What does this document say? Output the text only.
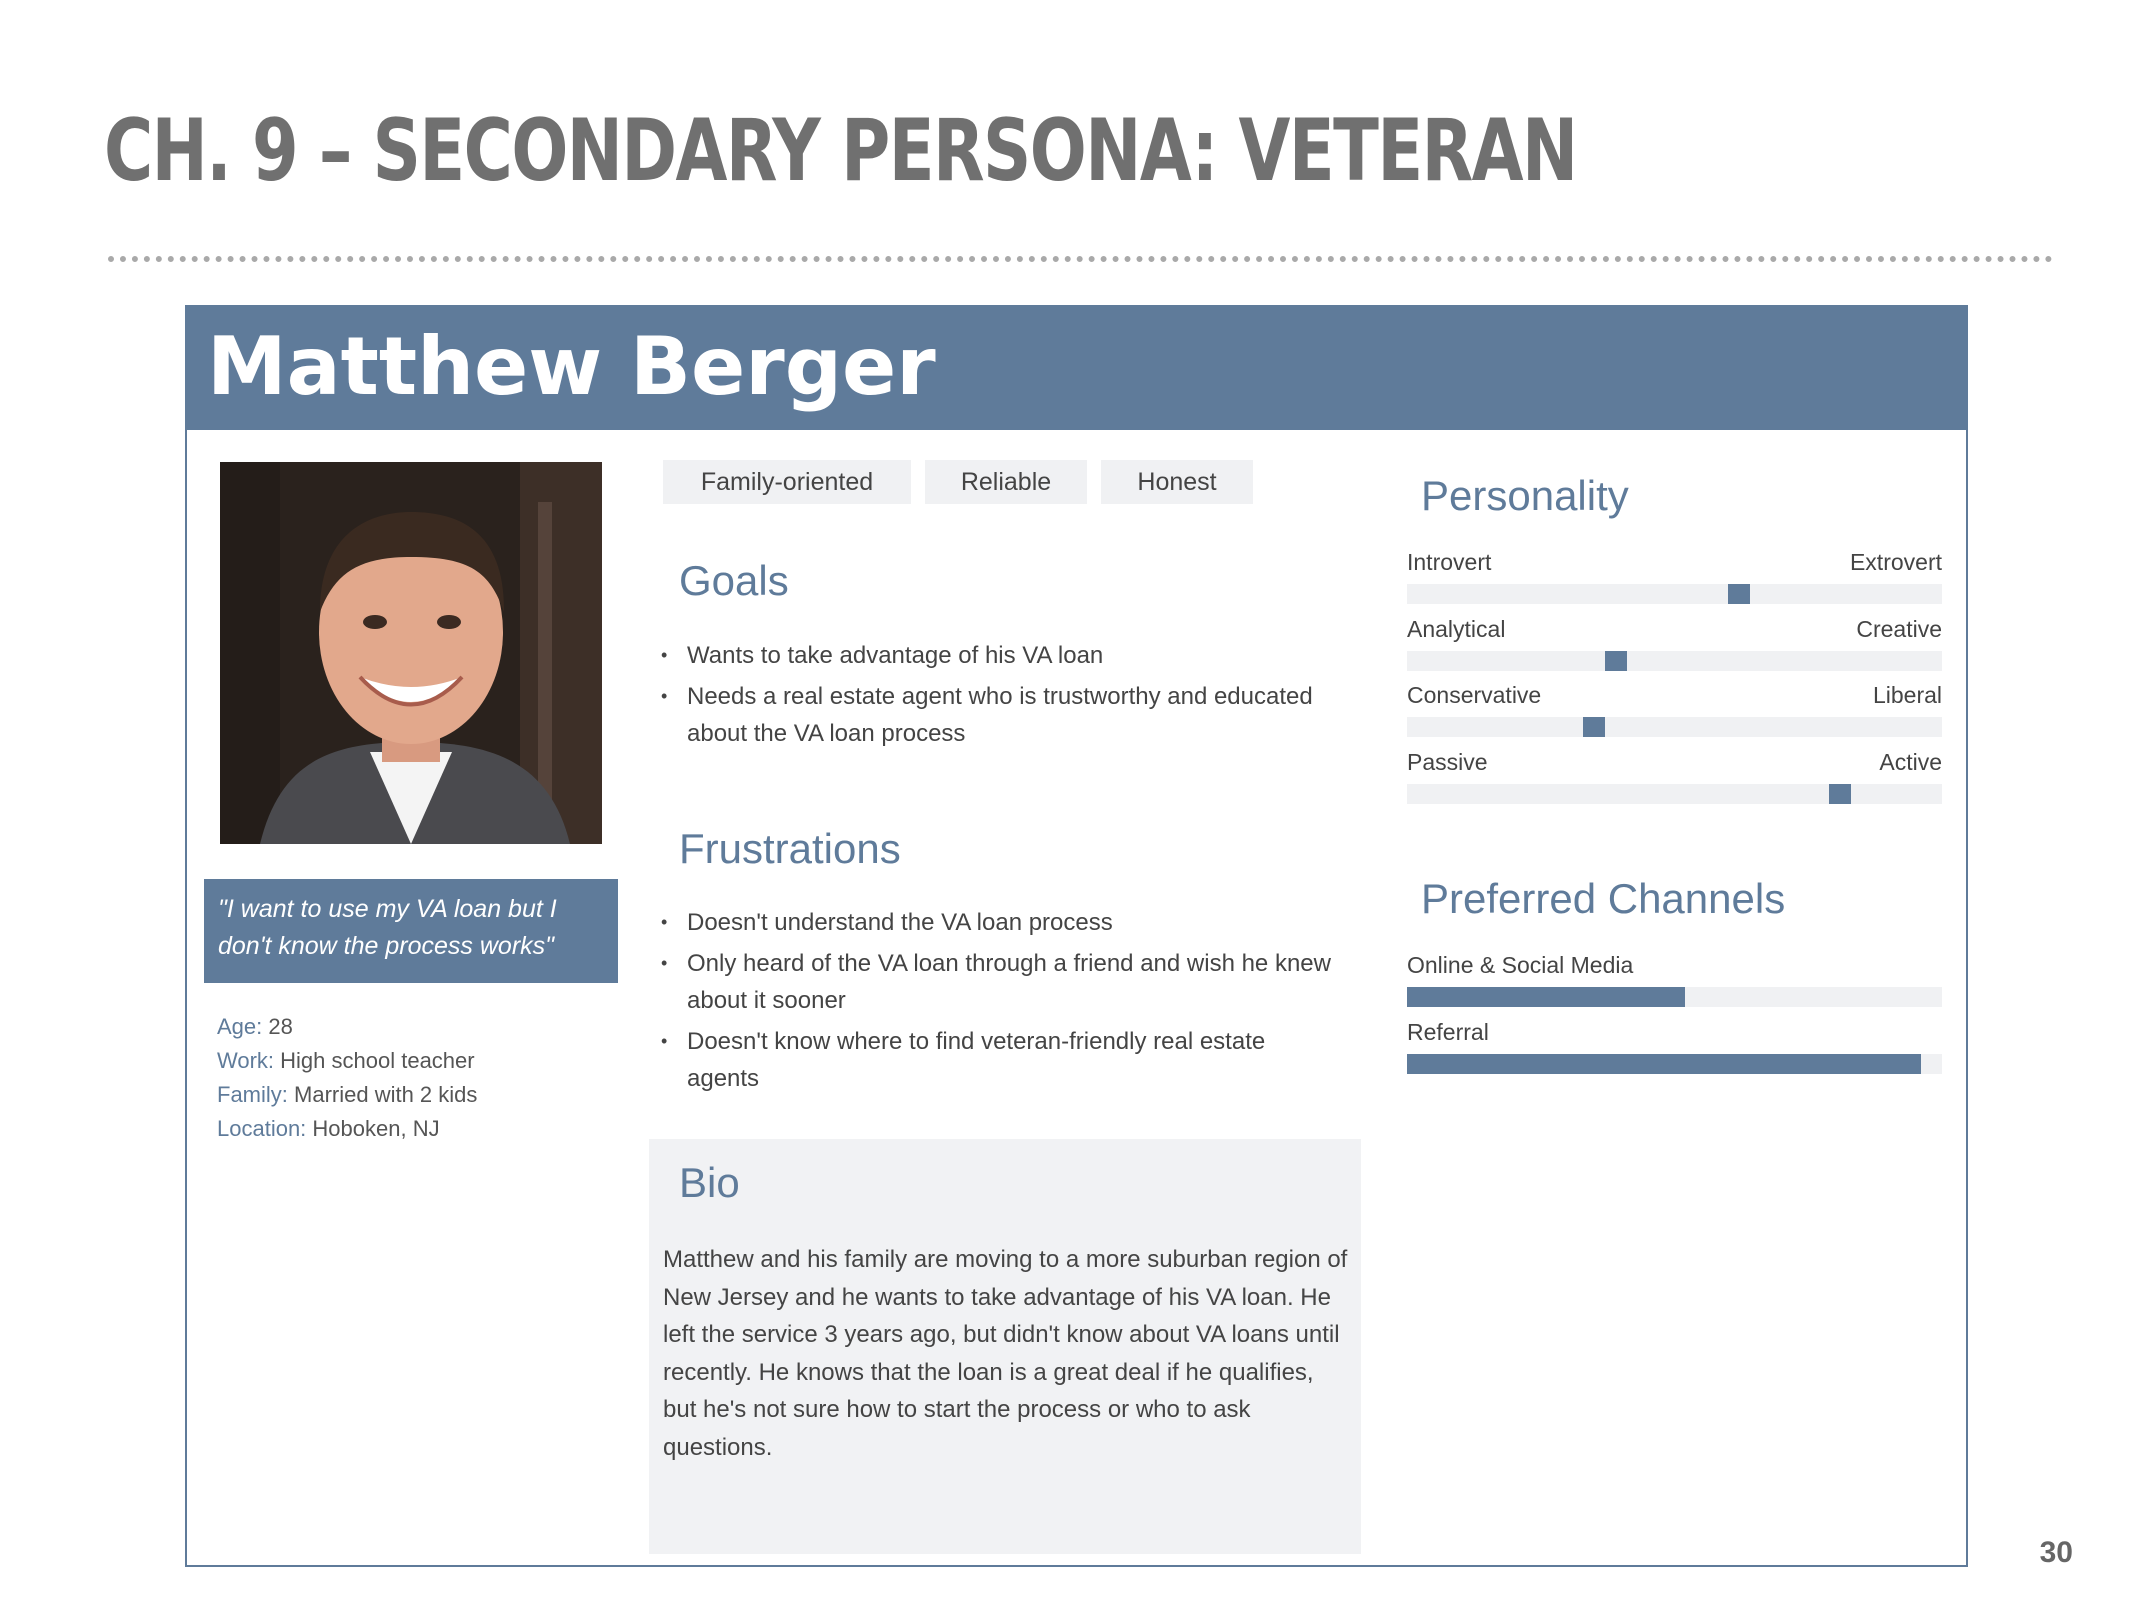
CH. 9 – SECONDARY PERSONA: VETERAN
Matthew Berger
"I want to use my VA loan but I don't know the process works"
Age: 28
Work: High school teacher
Family: Married with 2 kids
Location: Hoboken, NJ
Family-oriented	Reliable	Honest
Goals
• Wants to take advantage of his VA loan
• Needs a real estate agent who is trustworthy and educated about the VA loan process
Frustrations
• Doesn't understand the VA loan process
• Only heard of the VA loan through a friend and wish he knew about it sooner
• Doesn't know where to find veteran-friendly real estate agents
Bio

Matthew and his family are moving to a more suburban region of New Jersey and he wants to take advantage of his VA loan. He left the service 3 years ago, but didn't know about VA loans until recently. He knows that the loan is a great deal if he qualifies, but he's not sure how to start the process or who to ask questions.

Personality
Introvert	Extrovert
Analytical	Creative
Conservative	Liberal
Passive	Active
Preferred Channels
Online & Social Media
Referral
30
